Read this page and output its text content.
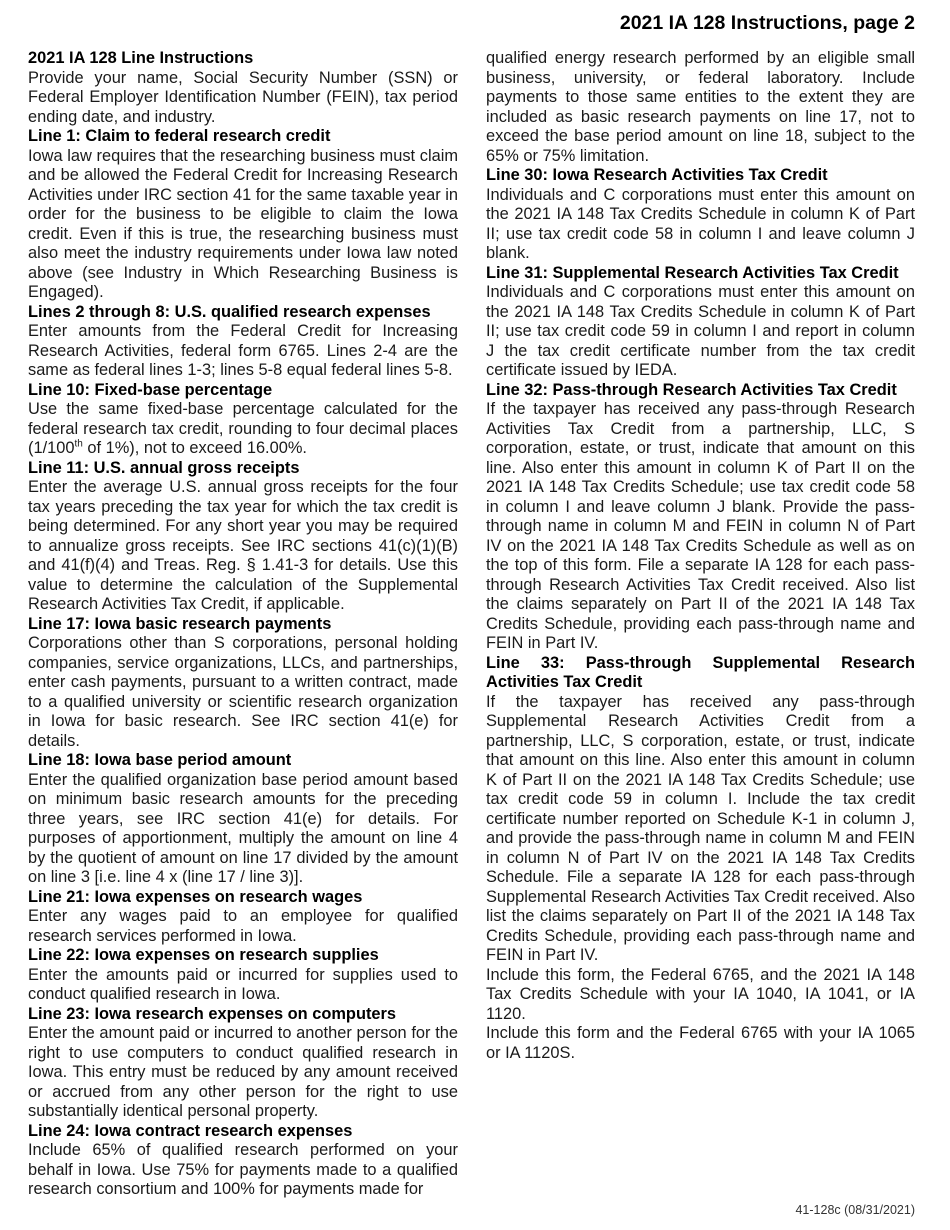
2021 IA 128 Instructions, page 2

2021 IA 128 Line Instructions

Provide your name, Social Security Number (SSN) or Federal Employer Identification Number (FEIN), tax period ending date, and industry.

Line 1: Claim to federal research credit

Iowa law requires that the researching business must claim and be allowed the Federal Credit for Increasing Research Activities under IRC section 41 for the same taxable year in order for the business to be eligible to claim the Iowa credit. Even if this is true, the researching business must also meet the industry requirements under Iowa law noted above (see Industry in Which Researching Business is Engaged).

Lines 2 through 8: U.S. qualified research expenses

Enter amounts from the Federal Credit for Increasing Research Activities, federal form 6765. Lines 2-4 are the same as federal lines 1-3; lines 5-8 equal federal lines 5-8.

Line 10: Fixed-base percentage

Use the same fixed-base percentage calculated for the federal research tax credit, rounding to four decimal places (1/100th of 1%), not to exceed 16.00%.

Line 11: U.S. annual gross receipts

Enter the average U.S. annual gross receipts for the four tax years preceding the tax year for which the tax credit is being determined. For any short year you may be required to annualize gross receipts. See IRC sections 41(c)(1)(B) and 41(f)(4) and Treas. Reg. § 1.41-3 for details. Use this value to determine the calculation of the Supplemental Research Activities Tax Credit, if applicable.

Line 17: Iowa basic research payments

Corporations other than S corporations, personal holding companies, service organizations, LLCs, and partnerships, enter cash payments, pursuant to a written contract, made to a qualified university or scientific research organization in Iowa for basic research. See IRC section 41(e) for details.

Line 18: Iowa base period amount

Enter the qualified organization base period amount based on minimum basic research amounts for the preceding three years, see IRC section 41(e) for details. For purposes of apportionment, multiply the amount on line 4 by the quotient of amount on line 17 divided by the amount on line 3 [i.e. line 4 x (line 17 / line 3)].

Line 21: Iowa expenses on research wages

Enter any wages paid to an employee for qualified research services performed in Iowa.

Line 22: Iowa expenses on research supplies

Enter the amounts paid or incurred for supplies used to conduct qualified research in Iowa.

Line 23: Iowa research expenses on computers

Enter the amount paid or incurred to another person for the right to use computers to conduct qualified research in Iowa. This entry must be reduced by any amount received or accrued from any other person for the right to use substantially identical personal property.

Line 24: Iowa contract research expenses

Include 65% of qualified research performed on your behalf in Iowa. Use 75% for payments made to a qualified research consortium and 100% for payments made for

qualified energy research performed by an eligible small business, university, or federal laboratory. Include payments to those same entities to the extent they are included as basic research payments on line 17, not to exceed the base period amount on line 18, subject to the 65% or 75% limitation.

Line 30: Iowa Research Activities Tax Credit

Individuals and C corporations must enter this amount on the 2021 IA 148 Tax Credits Schedule in column K of Part II; use tax credit code 58 in column I and leave column J blank.

Line 31: Supplemental Research Activities Tax Credit

Individuals and C corporations must enter this amount on the 2021 IA 148 Tax Credits Schedule in column K of Part II; use tax credit code 59 in column I and report in column J the tax credit certificate number from the tax credit certificate issued by IEDA.

Line 32: Pass-through Research Activities Tax Credit

If the taxpayer has received any pass-through Research Activities Tax Credit from a partnership, LLC, S corporation, estate, or trust, indicate that amount on this line. Also enter this amount in column K of Part II on the 2021 IA 148 Tax Credits Schedule; use tax credit code 58 in column I and leave column J blank. Provide the pass-through name in column M and FEIN in column N of Part IV on the 2021 IA 148 Tax Credits Schedule as well as on the top of this form. File a separate IA 128 for each pass-through Research Activities Tax Credit received. Also list the claims separately on Part II of the 2021 IA 148 Tax Credits Schedule, providing each pass-through name and FEIN in Part IV.

Line 33: Pass-through Supplemental Research Activities Tax Credit

If the taxpayer has received any pass-through Supplemental Research Activities Credit from a partnership, LLC, S corporation, estate, or trust, indicate that amount on this line. Also enter this amount in column K of Part II on the 2021 IA 148 Tax Credits Schedule; use tax credit code 59 in column I. Include the tax credit certificate number reported on Schedule K-1 in column J, and provide the pass-through name in column M and FEIN in column N of Part IV on the 2021 IA 148 Tax Credits Schedule. File a separate IA 128 for each pass-through Supplemental Research Activities Tax Credit received. Also list the claims separately on Part II of the 2021 IA 148 Tax Credits Schedule, providing each pass-through name and FEIN in Part IV.

Include this form, the Federal 6765, and the 2021 IA 148 Tax Credits Schedule with your IA 1040, IA 1041, or IA 1120.

Include this form and the Federal 6765 with your IA 1065 or IA 1120S.

41-128c (08/31/2021)
